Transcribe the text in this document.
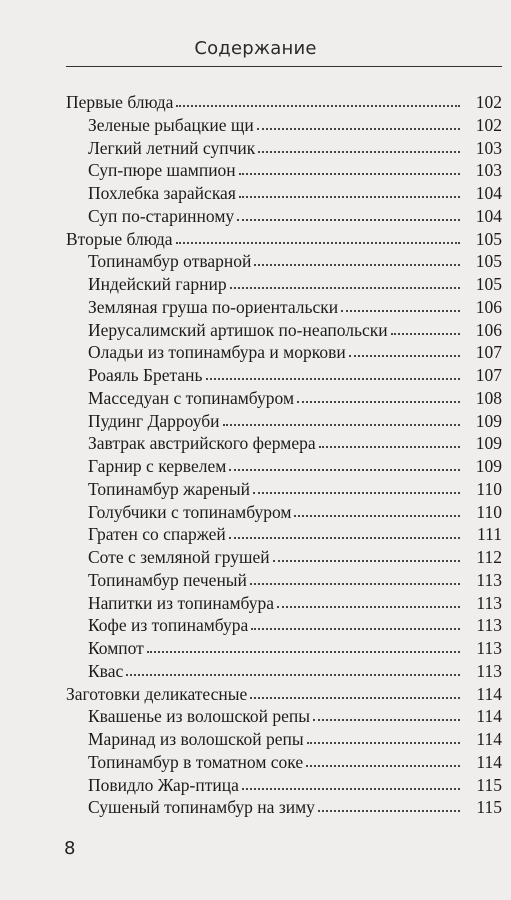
Содержание
Первые блюда	102
Зеленые рыбацкие щи	102
Легкий летний супчик	103
Суп-пюре шампион	103
Похлебка зарайская	104
Суп по-старинному	104
Вторые блюда	105
Топинамбур отварной	105
Индейский гарнир	105
Земляная груша по-ориентальски	106
Иерусалимский артишок по-неапольски	106
Оладьи из топинамбура и моркови	107
Роаяль Бретань	107
Масседуан с топинамбуром	108
Пудинг Дарроуби	109
Завтрак австрийского фермера	109
Гарнир с кервелем	109
Топинамбур жареный	110
Голубчики с топинамбуром	110
Гратен со спаржей	111
Соте с земляной грушей	112
Топинамбур печеный	113
Напитки из топинамбура	113
Кофе из топинамбура	113
Компот	113
Квас	113
Заготовки деликатесные	114
Квашенье из волошской репы	114
Маринад из волошской репы	114
Топинамбур в томатном соке	114
Повидло Жар-птица	115
Сушеный топинамбур на зиму	115
8
